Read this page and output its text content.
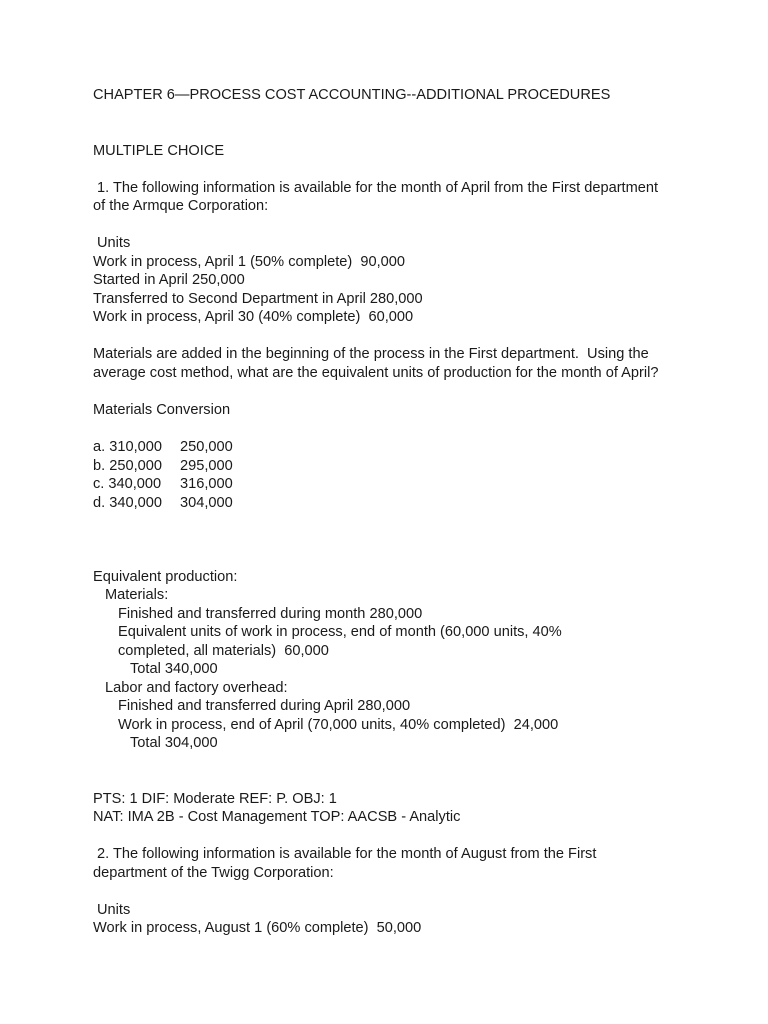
CHAPTER 6—PROCESS COST ACCOUNTING--ADDITIONAL PROCEDURES
MULTIPLE CHOICE
1. The following information is available for the month of April from the First department
of the Armque Corporation:
Units
Work in process, April 1 (50% complete)  90,000
Started in April 250,000
Transferred to Second Department in April 280,000
Work in process, April 30 (40% complete)  60,000
Materials are added in the beginning of the process in the First department.  Using the
average cost method, what are the equivalent units of production for the month of April?
Materials Conversion
a. 310,000 250,000
b. 250,000 295,000
c. 340,000 316,000
d. 340,000 304,000
Equivalent production:
Materials:
Finished and transferred during month 280,000
Equivalent units of work in process, end of month (60,000 units, 40%
completed, all materials)  60,000
Total 340,000
Labor and factory overhead:
Finished and transferred during April 280,000
Work in process, end of April (70,000 units, 40% completed)  24,000
Total 304,000
PTS: 1 DIF: Moderate REF: P. OBJ: 1
NAT: IMA 2B - Cost Management TOP: AACSB - Analytic
2. The following information is available for the month of August from the First
department of the Twigg Corporation:
Units
Work in process, August 1 (60% complete)  50,000
